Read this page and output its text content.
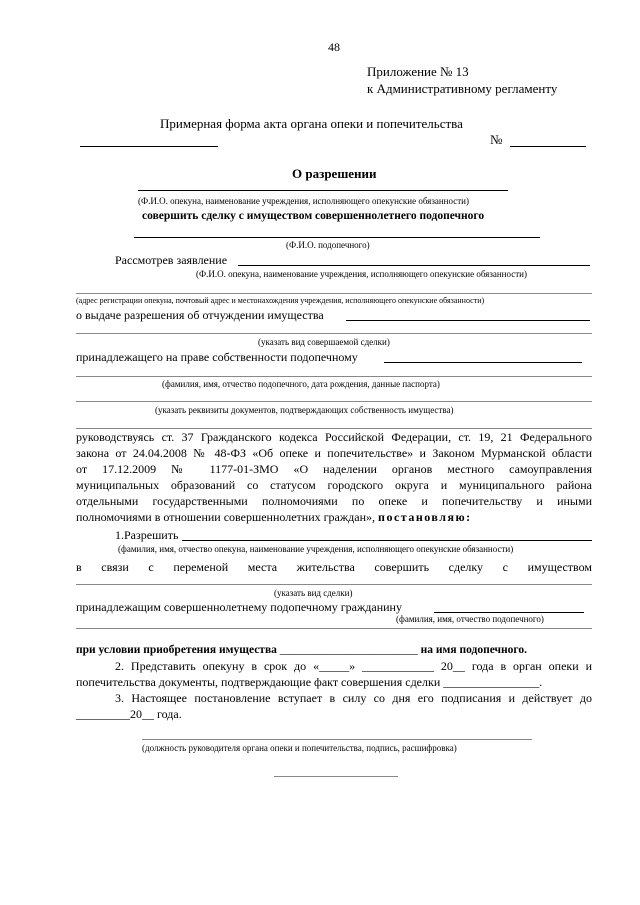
48
Приложение № 13
к Административному регламенту
Примерная форма акта органа опеки и попечительства
№
О разрешении
(Ф.И.О. опекуна, наименование учреждения, исполняющего опекунские обязанности)
совершить сделку с имуществом совершеннолетнего подопечного
(Ф.И.О. подопечного)
Рассмотрев заявление
(Ф.И.О. опекуна, наименование учреждения, исполняющего опекунские обязанности)
(адрес регистрации опекуна, почтовый адрес и местонахождения учреждения, исполняющего опекунские обязанности)
о выдаче разрешения об отчуждении имущества
(указать вид совершаемой сделки)
принадлежащего на праве собственности подопечному
(фамилия, имя, отчество подопечного, дата рождения, данные паспорта)
(указать реквизиты документов, подтверждающих собственность имущества)
руководствуясь ст. 37 Гражданского кодекса Российской Федерации, ст. 19, 21 Федерального
закона от 24.04.2008 № 48-ФЗ «Об опеке и попечительстве» и Законом Мурманской области
от 17.12.2009 № 1177-01-ЗМО «О наделении органов местного самоуправления
муниципальных образований со статусом городского округа и муниципального района
отдельными государственными полномочиями по опеке и попечительству и иными
полномочиями в отношении совершеннолетних граждан», постановляю:
1.Разрешить
(фамилия, имя, отчество опекуна, наименование учреждения, исполняющего опекунские обязанности)
в связи с переменой места жительства совершить сделку с имуществом
(указать вид сделки)
принадлежащим совершеннолетнему подопечному гражданину
(фамилия, имя, отчество подопечного)
при условии приобретения имущества ________________________ на имя подопечного.
2. Представить опекуну в срок до «_____» ____________ 20__ года в орган опеки и
попечительства документы, подтверждающие факт совершения сделки ________________.
3. Настоящее постановление вступает в силу со дня его подписания и действует до
_________20__ года.
(должность руководителя органа опеки и попечительства, подпись, расшифровка)
